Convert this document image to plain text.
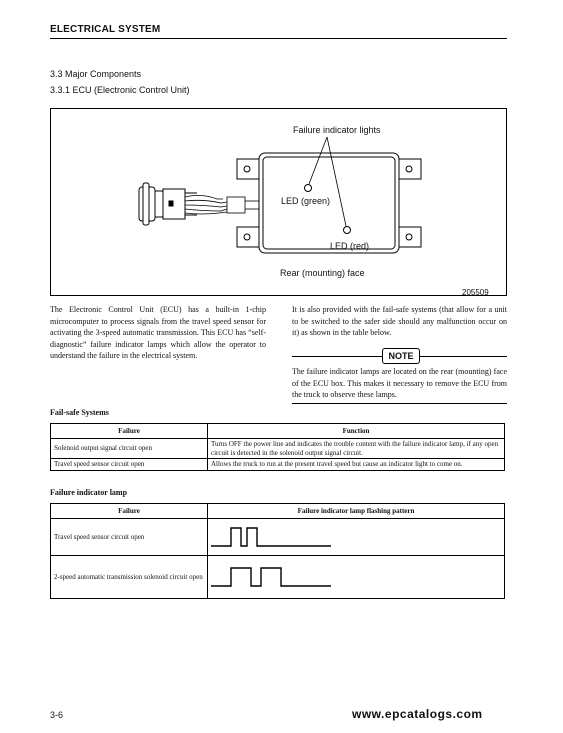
ELECTRICAL SYSTEM
3.3 Major Components
3.3.1 ECU (Electronic Control Unit)
Failure indicator lights
LED (green)
LED (red)
Rear (mounting) face
205509
The Electronic Control Unit (ECU) has a built-in 1-chip microcomputer to process signals from the travel speed sensor for activating the 3-speed automatic transmission. This ECU has “self-diagnostic” failure indicator lamps which allow the operator to understand the failure in the electrical system.
It is also provided with the fail-safe systems (that allow for a unit to be switched to the safer side should any malfunction occur on it) as shown in the table below.
NOTE
The failure indicator lamps are located on the rear (mounting) face of the ECU box. This makes it necessary to remove the ECU from the truck to observe these lamps.
Fail-safe Systems
Failure	Function
Solenoid output signal circuit open	Turns OFF the power line and indicates the trouble content with the failure indicator lamp, if any open circuit is detected in the solenoid output signal circuit.
Travel speed sensor circuit open	Allows the truck to run at the present travel speed but cause an indicator light to come on.
Failure indicator lamp
Failure	Failure indicator lamp flashing pattern
Travel speed sensor circuit open	
2-speed automatic transmission solenoid circuit open	
3-6	www.epcatalogs.com
